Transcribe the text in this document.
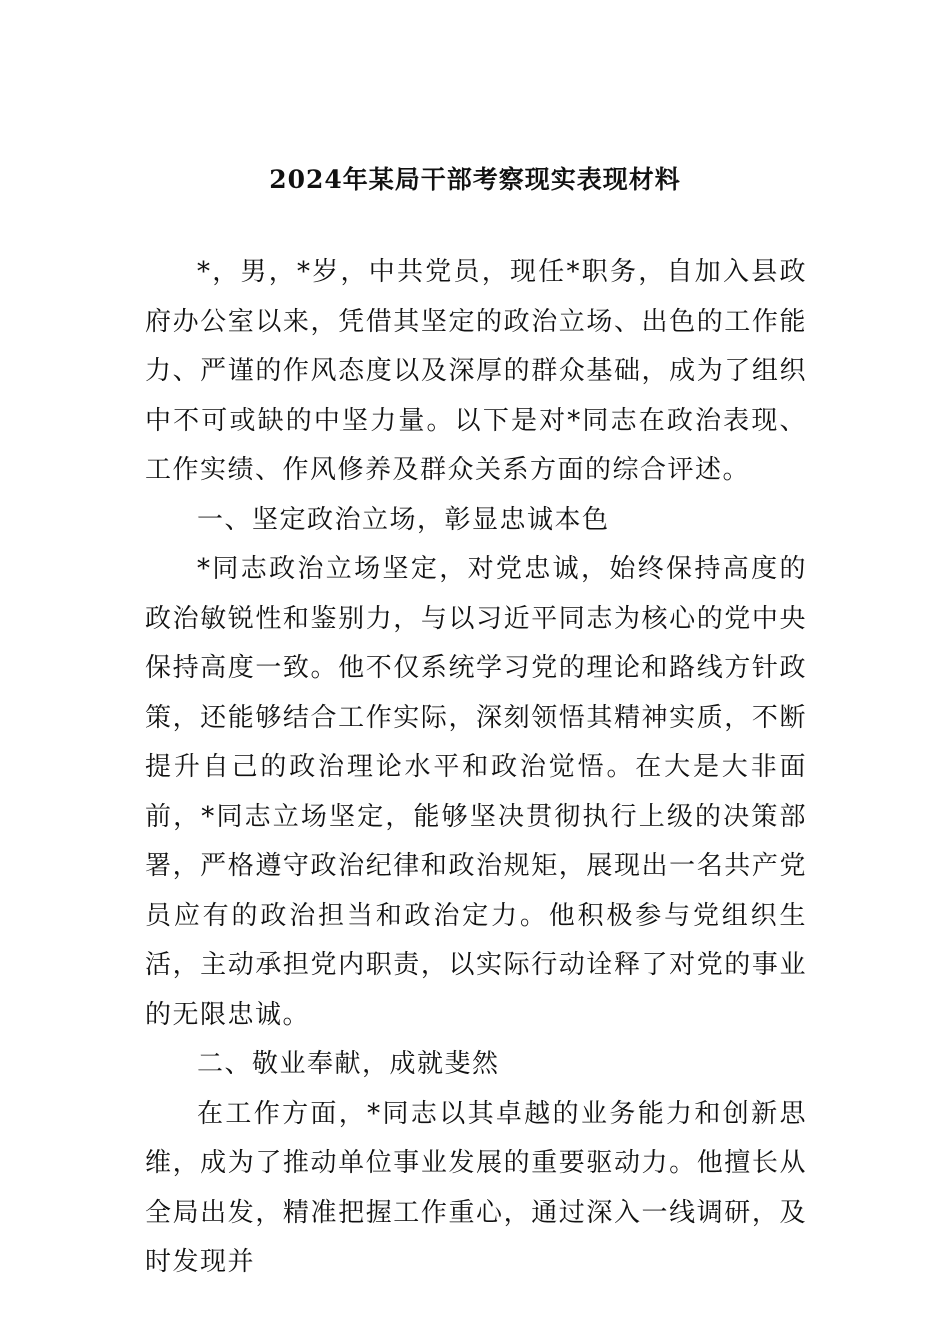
2024年某局干部考察现实表现材料

*，男，*岁，中共党员，现任*职务，自加入县政府办公室以来，凭借其坚定的政治立场、出色的工作能力、严谨的作风态度以及深厚的群众基础，成为了组织中不可或缺的中坚力量。以下是对*同志在政治表现、工作实绩、作风修养及群众关系方面的综合评述。

一、坚定政治立场，彰显忠诚本色

*同志政治立场坚定，对党忠诚，始终保持高度的政治敏锐性和鉴别力，与以习近平同志为核心的党中央保持高度一致。他不仅系统学习党的理论和路线方针政策，还能够结合工作实际，深刻领悟其精神实质，不断提升自己的政治理论水平和政治觉悟。在大是大非面前，*同志立场坚定，能够坚决贯彻执行上级的决策部署，严格遵守政治纪律和政治规矩，展现出一名共产党员应有的政治担当和政治定力。他积极参与党组织生活，主动承担党内职责，以实际行动诠释了对党的事业的无限忠诚。

二、敬业奉献，成就斐然

在工作方面，*同志以其卓越的业务能力和创新思维，成为了推动单位事业发展的重要驱动力。他擅长从全局出发，精准把握工作重心，通过深入一线调研，及时发现并
